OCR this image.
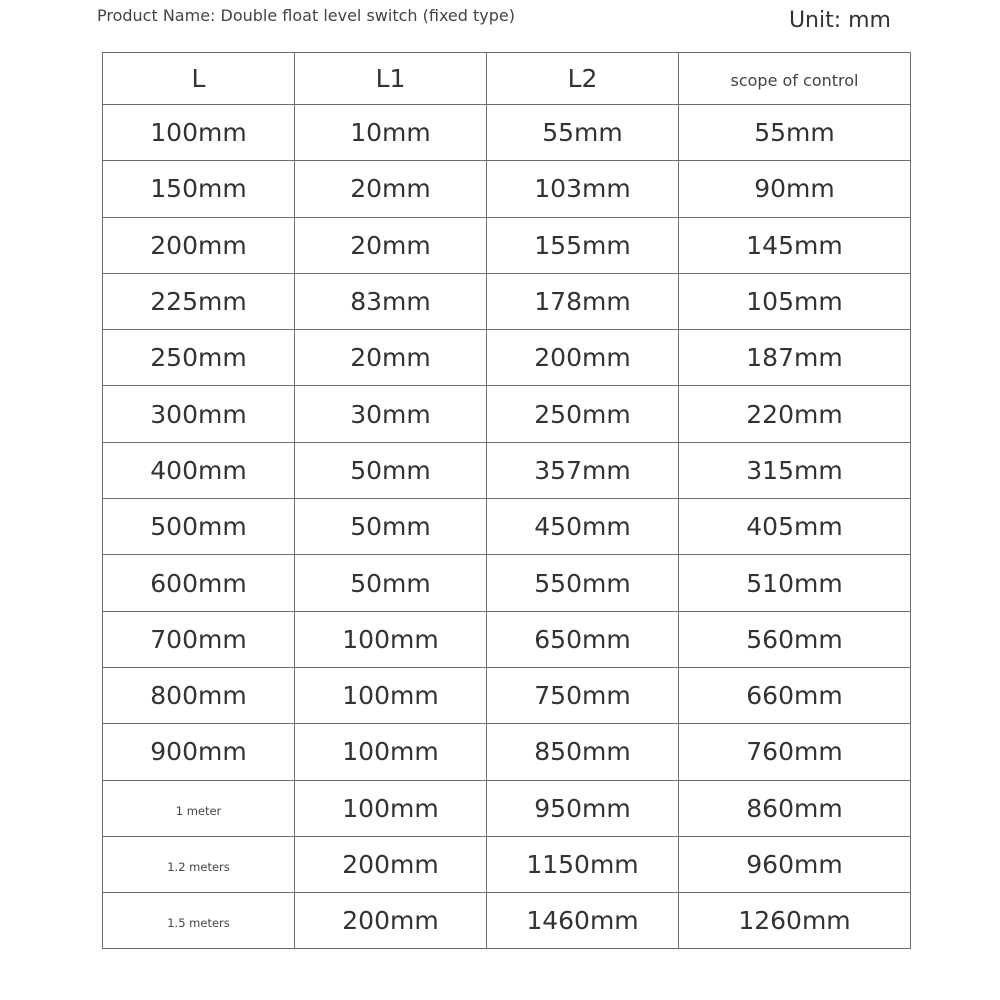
Product Name: Double float level switch (fixed type)	Unit: mm
L	L1	L2	scope of control

100mm	10mm	55mm	55mm
150mm	20mm	103mm	90mm
200mm	20mm	155mm	145mm
225mm	83mm	178mm	105mm
250mm	20mm	200mm	187mm
300mm	30mm	250mm	220mm
400mm	50mm	357mm	315mm
500mm	50mm	450mm	405mm
600mm	50mm	550mm	510mm
700mm	100mm	650mm	560mm
800mm	100mm	750mm	660mm
900mm	100mm	850mm	760mm

1 meter	100mm	950mm	860mm

1.2 meters	200mm	1150mm	960mm

1.5 meters	200mm	1460mm	1260mm
